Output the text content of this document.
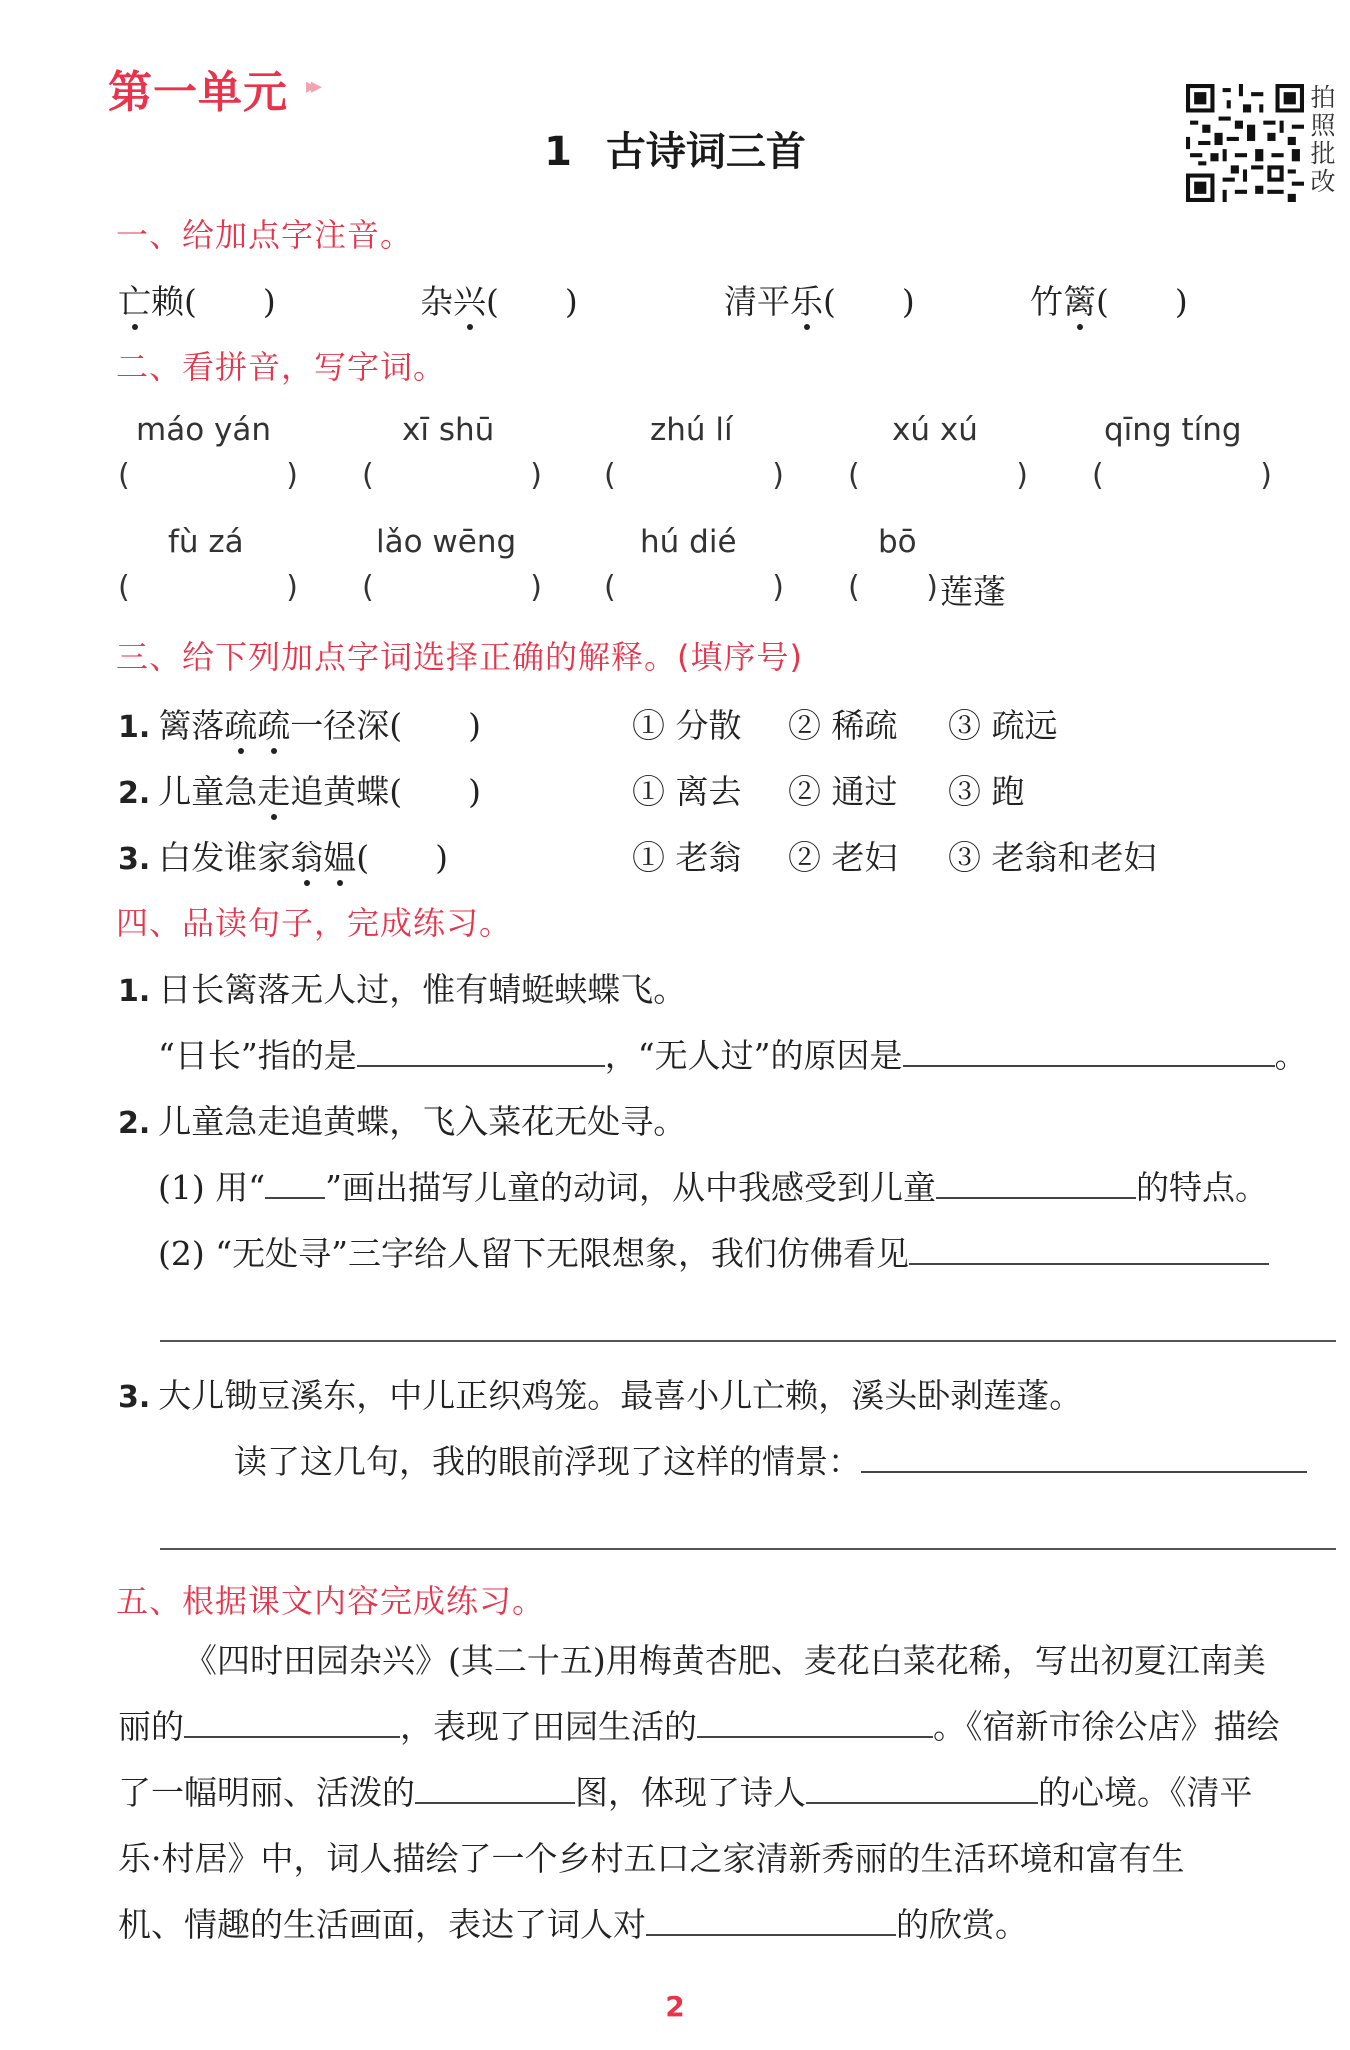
第一单元 ▸▸
1 古诗词三首
拍照批改
一、给加点字注音。
亡赖(　　)	杂兴(　　)	清平乐(　　)	竹篱(　　)
二、看拼音，写字词。
máo yán	xī shū	zhú lí	xú xú	qīng tíng
(	) (	) (	) (	) (	)
fù zá	lǎo wēng	hú dié	bō
(	) (	) (	) ( ) 莲蓬
三、给下列加点字词选择正确的解释。(填序号)
1. 篱落疏疏一径深(　　)	① 分散 ② 稀疏 ③ 疏远
2. 儿童急走追黄蝶(　　)	① 离去 ② 通过 ③ 跑
3. 白发谁家翁媪(　　)	① 老翁 ② 老妇 ③ 老翁和老妇
四、品读句子，完成练习。
1. 日长篱落无人过，惟有蜻蜓蛱蝶飞。
“日长”指的是	，“无人过”的原因是	。
2. 儿童急走追黄蝶，飞入菜花无处寻。
(1) 用“ ”画出描写儿童的动词，从中我感受到儿童	的特点。
(2) “无处寻”三字给人留下无限想象，我们仿佛看见
3. 大儿锄豆溪东，中儿正织鸡笼。最喜小儿亡赖，溪头卧剥莲蓬。
读了这几句，我的眼前浮现了这样的情景：
五、根据课文内容完成练习。
《四时田园杂兴》(其二十五)用梅黄杏肥、麦花白菜花稀，写出初夏江南美
丽的	，表现了田园生活的	。《宿新市徐公店》描绘
了一幅明丽、活泼的	图，体现了诗人	的心境。《清平
乐·村居》中，词人描绘了一个乡村五口之家清新秀丽的生活环境和富有生
机、情趣的生活画面，表达了词人对	的欣赏。
2
